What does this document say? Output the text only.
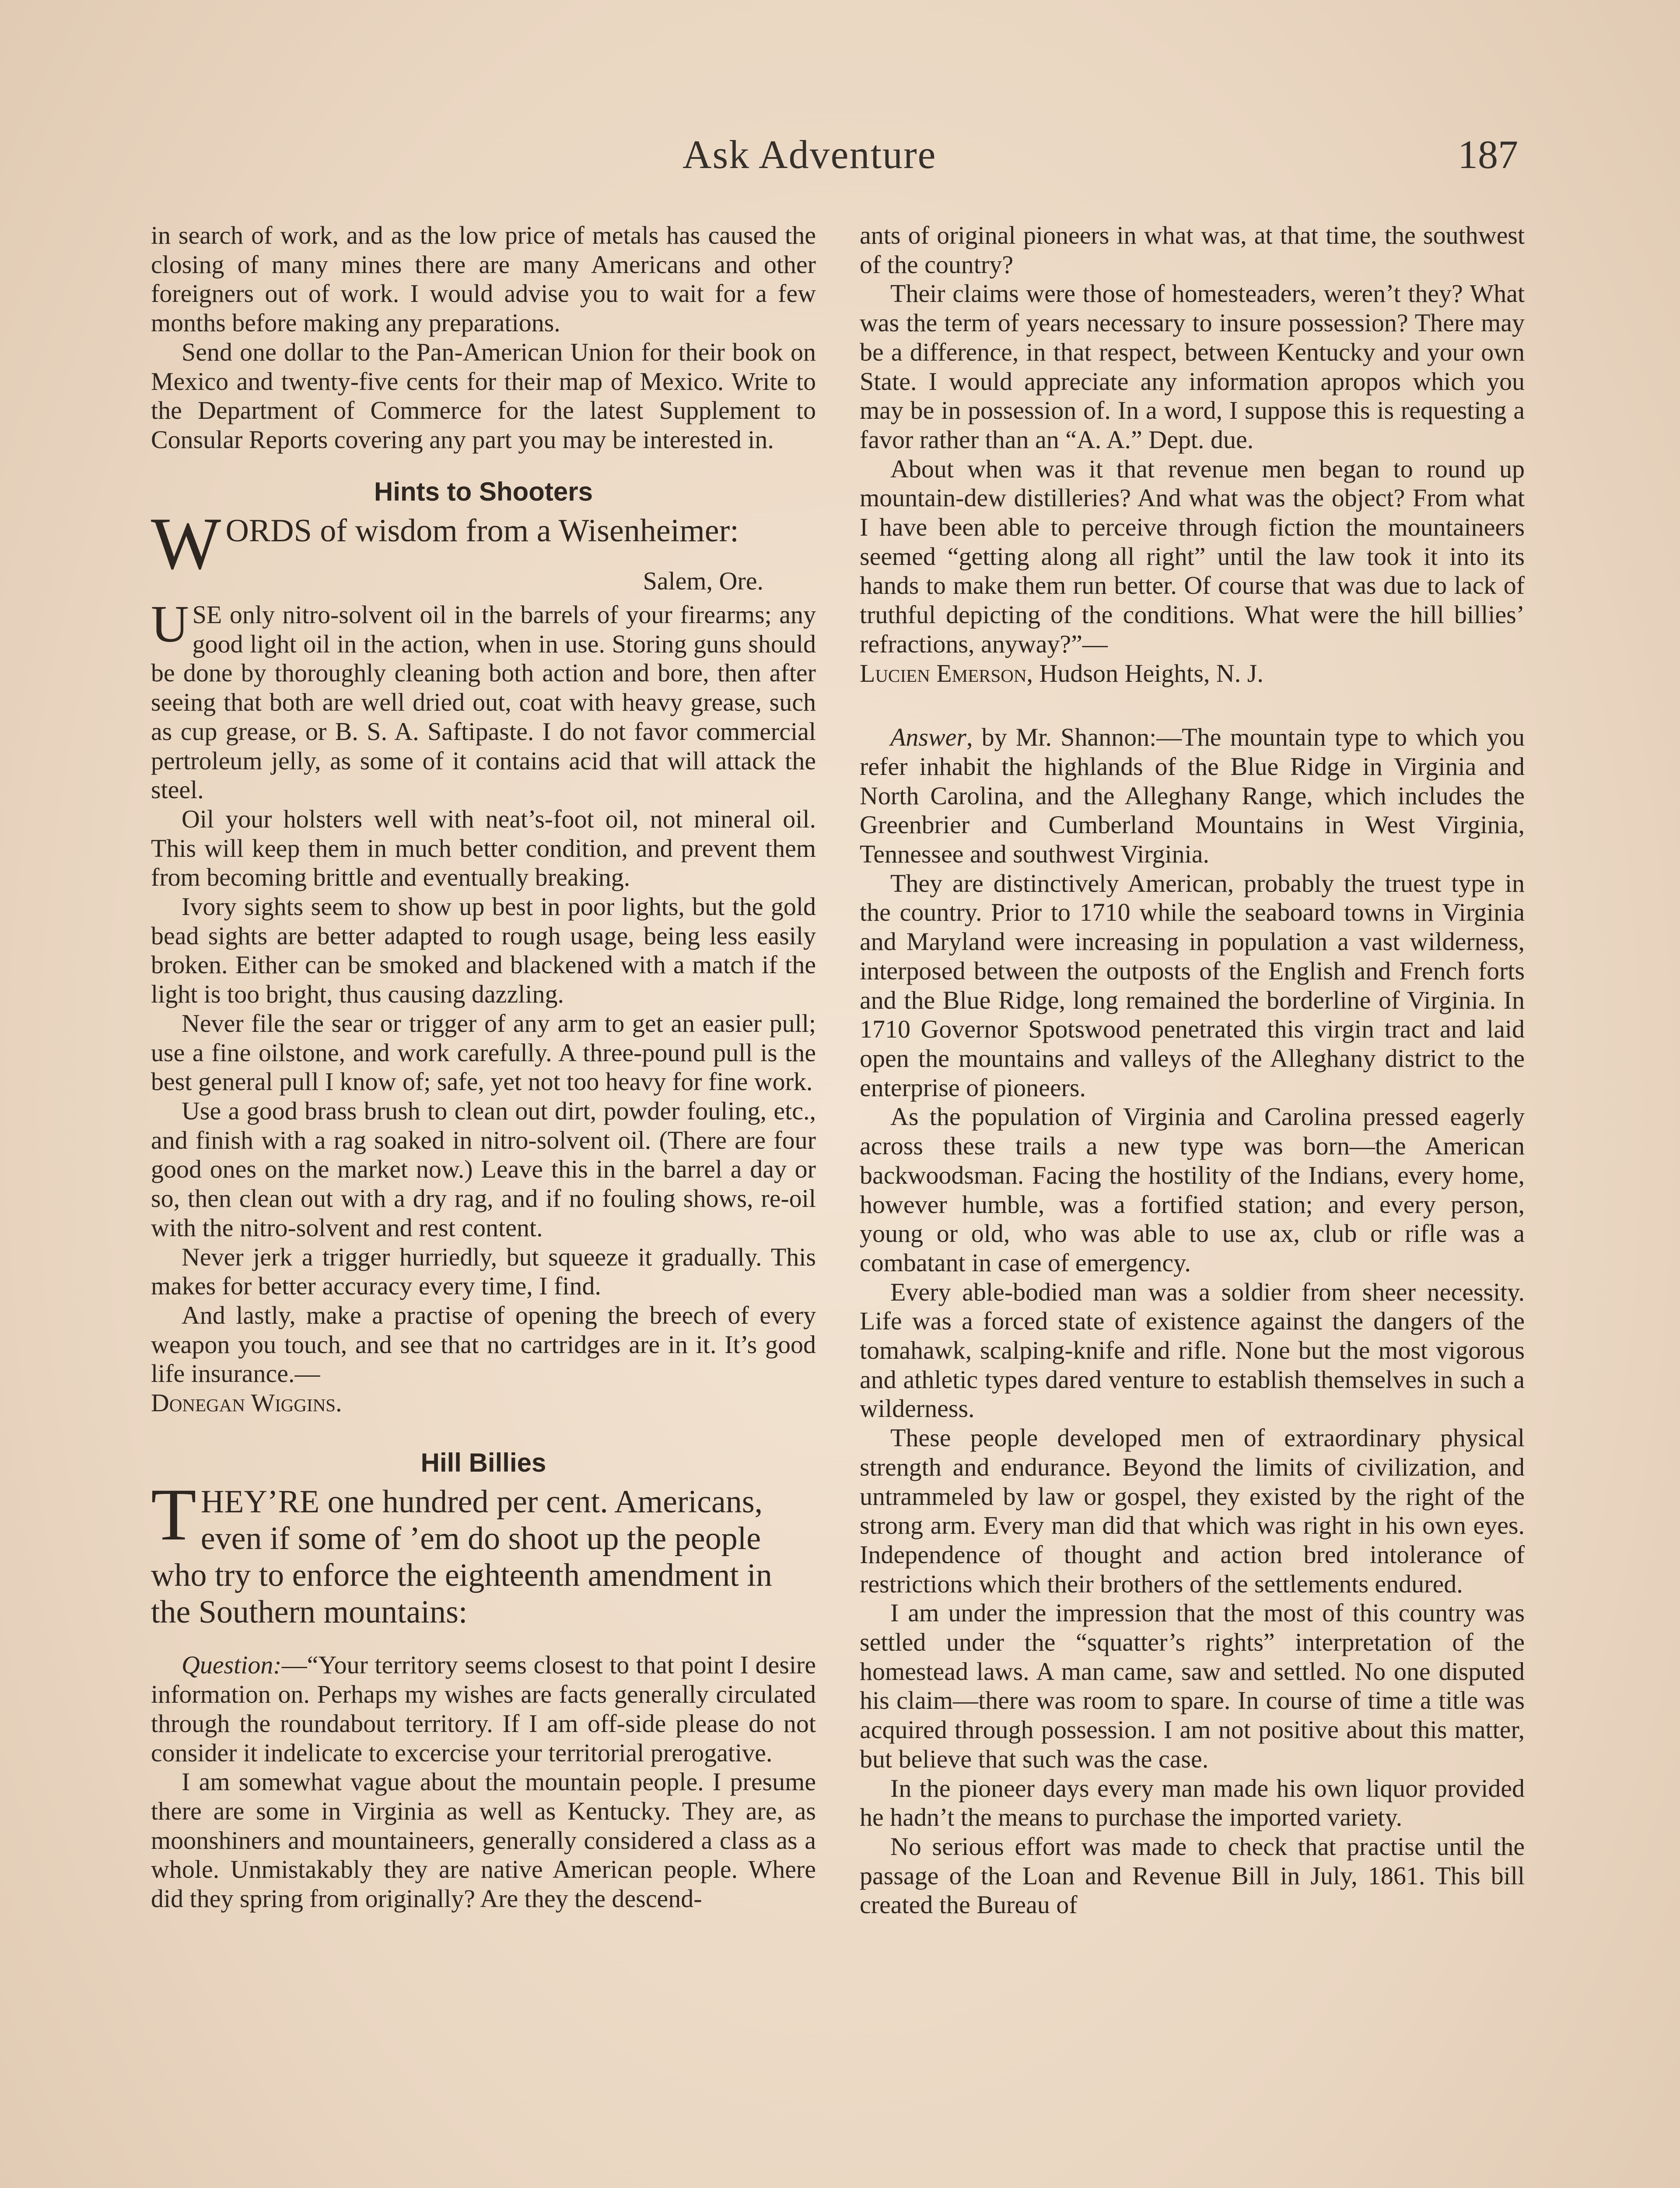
Ask Adventure	187

in search of work, and as the low price of metals has caused the closing of many mines there are many Americans and other foreigners out of work. I would advise you to wait for a few months before making any preparations.

Send one dollar to the Pan-American Union for their book on Mexico and twenty-five cents for their map of Mexico. Write to the Department of Commerce for the latest Supplement to Consular Reports covering any part you may be interested in.

Hints to Shooters

WORDS of wisdom from a Wisenheimer:

Salem, Ore.

USE only nitro-solvent oil in the barrels of your firearms; any good light oil in the action, when in use. Storing guns should be done by thoroughly cleaning both action and bore, then after seeing that both are well dried out, coat with heavy grease, such as cup grease, or B. S. A. Saftipaste. I do not favor commercial pertroleum jelly, as some of it contains acid that will attack the steel.

Oil your holsters well with neat’s-foot oil, not mineral oil. This will keep them in much better condition, and prevent them from becoming brittle and eventually breaking.

Ivory sights seem to show up best in poor lights, but the gold bead sights are better adapted to rough usage, being less easily broken. Either can be smoked and blackened with a match if the light is too bright, thus causing dazzling.

Never file the sear or trigger of any arm to get an easier pull; use a fine oilstone, and work carefully. A three-pound pull is the best general pull I know of; safe, yet not too heavy for fine work.

Use a good brass brush to clean out dirt, powder fouling, etc., and finish with a rag soaked in nitro-solvent oil. (There are four good ones on the market now.) Leave this in the barrel a day or so, then clean out with a dry rag, and if no fouling shows, re-oil with the nitro-solvent and rest content.

Never jerk a trigger hurriedly, but squeeze it gradually. This makes for better accuracy every time, I find.

And lastly, make a practise of opening the breech of every weapon you touch, and see that no cartridges are in it. It’s good life insurance.—
Donegan Wiggins.

Hill Billies

THEY’RE one hundred per cent. Americans, even if some of ’em do shoot up the people who try to enforce the eighteenth amendment in the Southern mountains:

Question:—“Your territory seems closest to that point I desire information on. Perhaps my wishes are facts generally circulated through the roundabout territory. If I am off-side please do not consider it indelicate to excercise your territorial prerogative.

I am somewhat vague about the mountain people. I presume there are some in Virginia as well as Kentucky. They are, as moonshiners and mountaineers, generally considered a class as a whole. Unmistakably they are native American people. Where did they spring from originally? Are they the descend-

ants of original pioneers in what was, at that time, the southwest of the country?

Their claims were those of homesteaders, weren’t they? What was the term of years necessary to insure possession? There may be a difference, in that respect, between Kentucky and your own State. I would appreciate any information apropos which you may be in possession of. In a word, I suppose this is requesting a favor rather than an “A. A.” Dept. due.

About when was it that revenue men began to round up mountain-dew distilleries? And what was the object? From what I have been able to perceive through fiction the mountaineers seemed “getting along all right” until the law took it into its hands to make them run better. Of course that was due to lack of truthful depicting of the conditions. What were the hill billies’ refractions, anyway?”—
Lucien Emerson, Hudson Heights, N. J.

Answer, by Mr. Shannon:—The mountain type to which you refer inhabit the highlands of the Blue Ridge in Virginia and North Carolina, and the Alleghany Range, which includes the Greenbrier and Cumberland Mountains in West Virginia, Tennessee and southwest Virginia.

They are distinctively American, probably the truest type in the country. Prior to 1710 while the seaboard towns in Virginia and Maryland were increasing in population a vast wilderness, interposed between the outposts of the English and French forts and the Blue Ridge, long remained the borderline of Virginia. In 1710 Governor Spotswood penetrated this virgin tract and laid open the mountains and valleys of the Alleghany district to the enterprise of pioneers.

As the population of Virginia and Carolina pressed eagerly across these trails a new type was born—the American backwoodsman. Facing the hostility of the Indians, every home, however humble, was a fortified station; and every person, young or old, who was able to use ax, club or rifle was a combatant in case of emergency.

Every able-bodied man was a soldier from sheer necessity. Life was a forced state of existence against the dangers of the tomahawk, scalping-knife and rifle. None but the most vigorous and athletic types dared venture to establish themselves in such a wilderness.

These people developed men of extraordinary physical strength and endurance. Beyond the limits of civilization, and untrammeled by law or gospel, they existed by the right of the strong arm. Every man did that which was right in his own eyes. Independence of thought and action bred intolerance of restrictions which their brothers of the settlements endured.

I am under the impression that the most of this country was settled under the “squatter’s rights” interpretation of the homestead laws. A man came, saw and settled. No one disputed his claim—there was room to spare. In course of time a title was acquired through possession. I am not positive about this matter, but believe that such was the case.

In the pioneer days every man made his own liquor provided he hadn’t the means to purchase the imported variety.

No serious effort was made to check that practise until the passage of the Loan and Revenue Bill in July, 1861. This bill created the Bureau of
